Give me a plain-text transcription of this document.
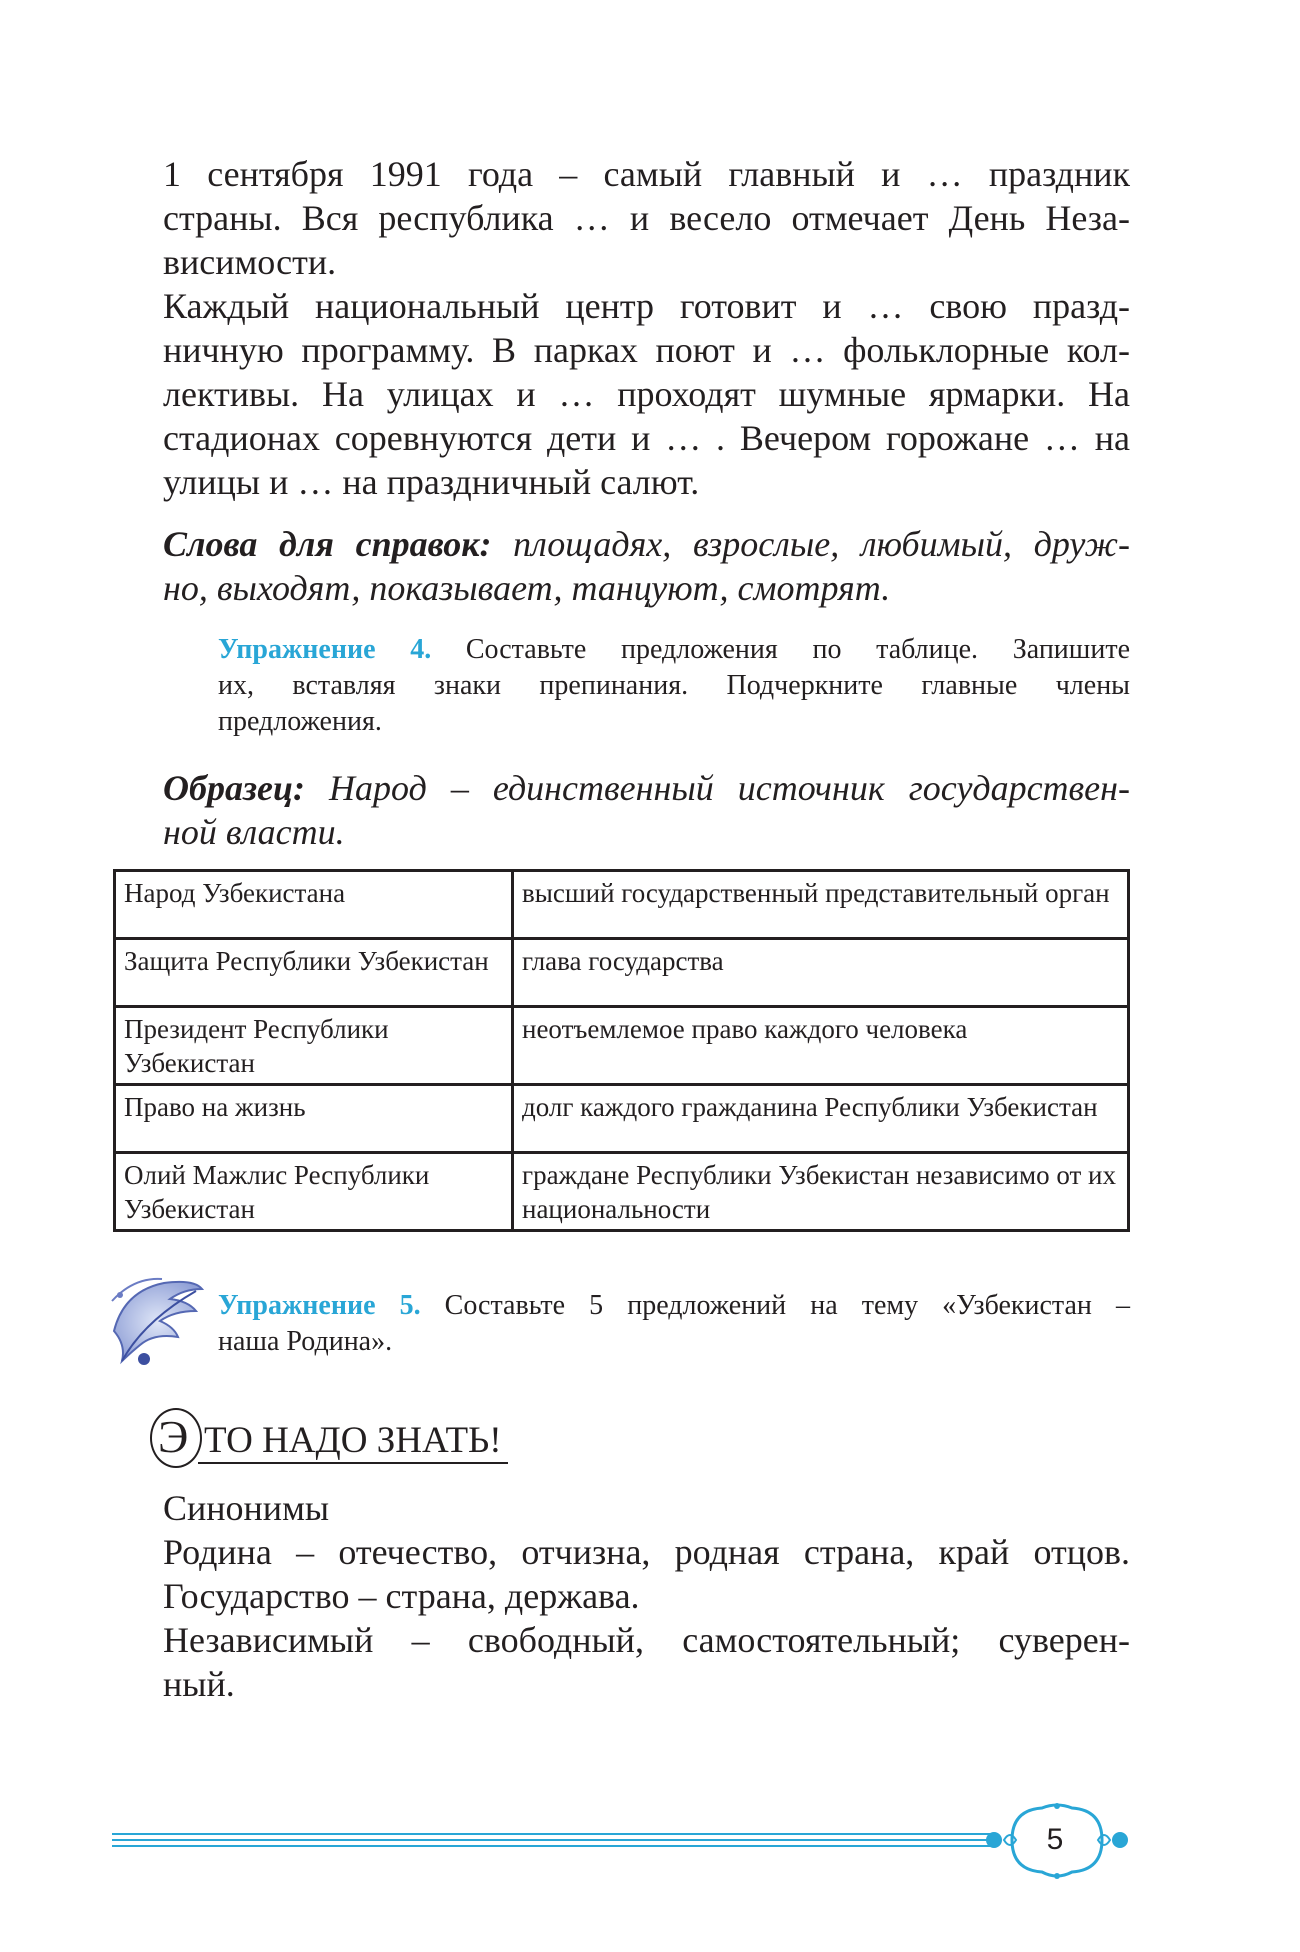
1 сентября 1991 года – самый главный и … праздник

страны. Вся республика … и весело отмечает День Неза-

висимости.

Каждый национальный центр готовит и … свою празд-

ничную программу. В парках поют и … фольклорные кол-

лективы. На улицах и … проходят шумные ярмарки. На

стадионах соревнуются дети и … . Вечером горожане … на

улицы и … на праздничный салют.

Слова для справок: площадях, взрослые, любимый, друж-

но, выходят, показывает, танцуют, смотрят.

Упражнение 4. Составьте предложения по таблице. Запишите

их, вставляя знаки препинания. Подчеркните главные члены

предложения.

Образец: Народ – единственный источник государствен-

ной власти.

Народ Узбекистана	высший государственный представительный орган
Защита Республики Узбекистан	глава государства
Президент Республики Узбекистан	неотъемлемое право каждого человека
Право на жизнь	долг каждого гражданина Республики Узбекистан
Олий Мажлис Республики Узбекистан	граждане Республики Узбекистан независимо от их национальности

Упражнение 5. Составьте 5 предложений на тему «Узбекистан –

наша Родина».

Э ТО НАДО ЗНАТЬ!

Синонимы

Родина – отечество, отчизна, родная страна, край отцов.

Государство – страна, держава.

Независимый – свободный, самостоятельный; суверен-

ный.

5
